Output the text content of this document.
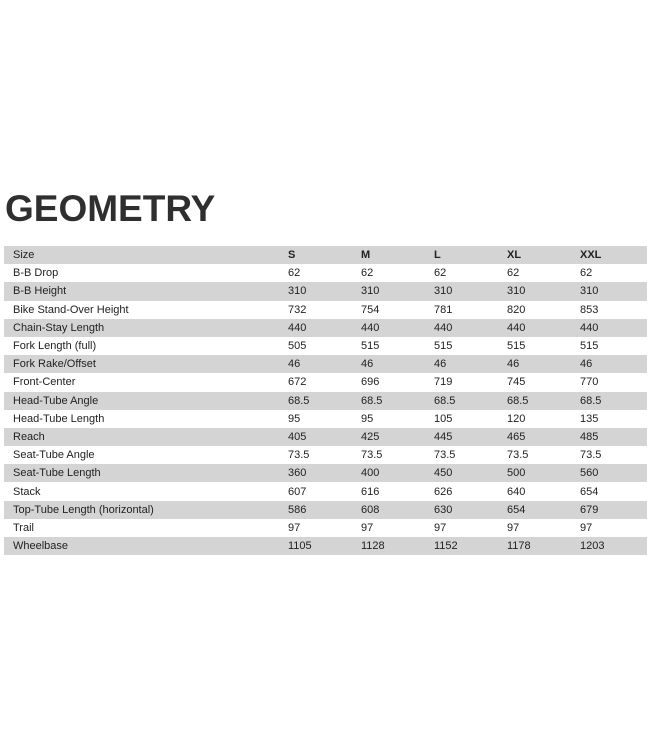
GEOMETRY
Size	S	M	L	XL	XXL
B-B Drop	62	62	62	62	62
B-B Height	310	310	310	310	310
Bike Stand-Over Height	732	754	781	820	853
Chain-Stay Length	440	440	440	440	440
Fork Length (full)	505	515	515	515	515
Fork Rake/Offset	46	46	46	46	46
Front-Center	672	696	719	745	770
Head-Tube Angle	68.5	68.5	68.5	68.5	68.5
Head-Tube Length	95	95	105	120	135
Reach	405	425	445	465	485
Seat-Tube Angle	73.5	73.5	73.5	73.5	73.5
Seat-Tube Length	360	400	450	500	560
Stack	607	616	626	640	654
Top-Tube Length (horizontal)	586	608	630	654	679
Trail	97	97	97	97	97
Wheelbase	1105	1128	1152	1178	1203
